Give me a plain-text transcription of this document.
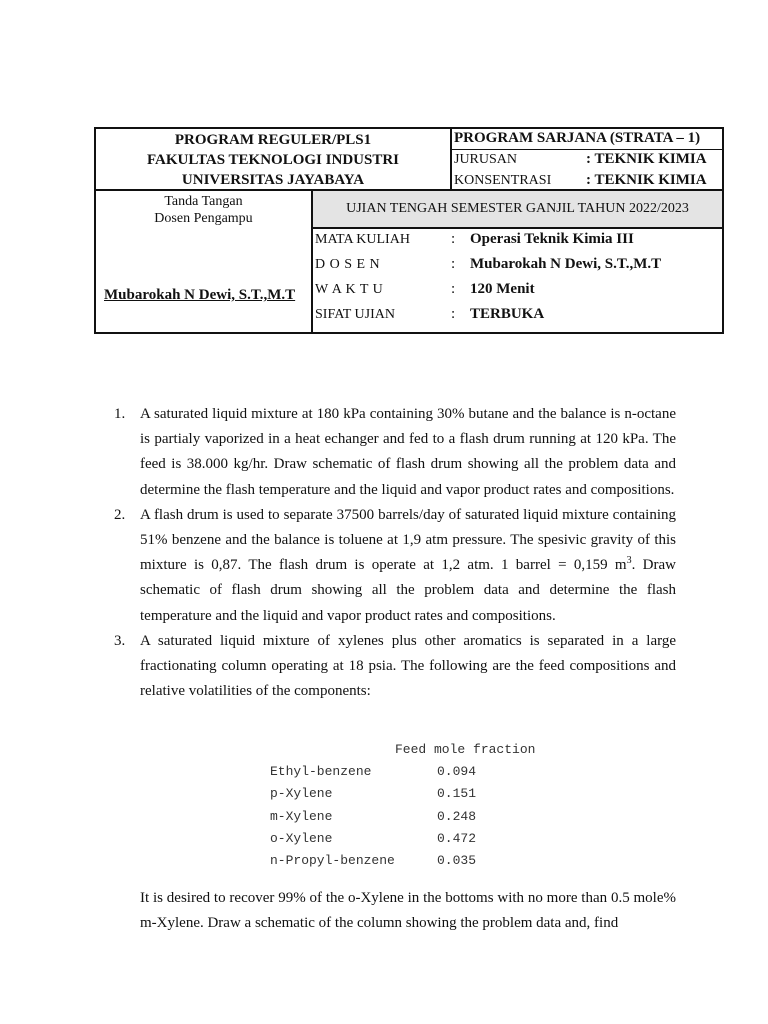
PROGRAM REGULER/PLS1
FAKULTAS TEKNOLOGI INDUSTRI
UNIVERSITAS JAYABAYA
PROGRAM SARJANA (STRATA – 1)
JURUSAN	: TEKNIK KIMIA
KONSENTRASI : TEKNIK KIMIA
Tanda Tangan
Dosen Pengampu
Mubarokah N Dewi, S.T.,M.T
UJIAN TENGAH SEMESTER GANJIL TAHUN 2022/2023
MATA KULIAH	: Operasi Teknik Kimia III
D O S E N	: Mubarokah N Dewi, S.T.,M.T
W A K T U	: 120 Menit
SIFAT UJIAN	: TERBUKA
1. A saturated liquid mixture at 180 kPa containing 30% butane and the balance is n-octane is partialy vaporized in a heat echanger and fed to a flash drum running at 120 kPa. The feed is 38.000 kg/hr. Draw schematic of flash drum showing all the problem data and determine the flash temperature and the liquid and vapor product rates and compositions.
2. A flash drum is used to separate 37500 barrels/day of saturated liquid mixture containing 51% benzene and the balance is toluene at 1,9 atm pressure. The spesivic gravity of this mixture is 0,87. The flash drum is operate at 1,2 atm. 1 barrel = 0,159 $m^3$. Draw schematic of flash drum showing all the problem data and determine the flash temperature and the liquid and vapor product rates and compositions.
3. A saturated liquid mixture of xylenes plus other aromatics is separated in a large fractionating column operating at 18 psia. The following are the feed compositions and relative volatilities of the components:
Feed mole fraction
Ethyl-benzene	0.094
p-Xylene	0.151
m-Xylene	0.248
o-Xylene	0.472
n-Propyl-benzene	0.035
It is desired to recover 99% of the o-Xylene in the bottoms with no more than 0.5 mole% m-Xylene. Draw a schematic of the column showing the problem data and, find
